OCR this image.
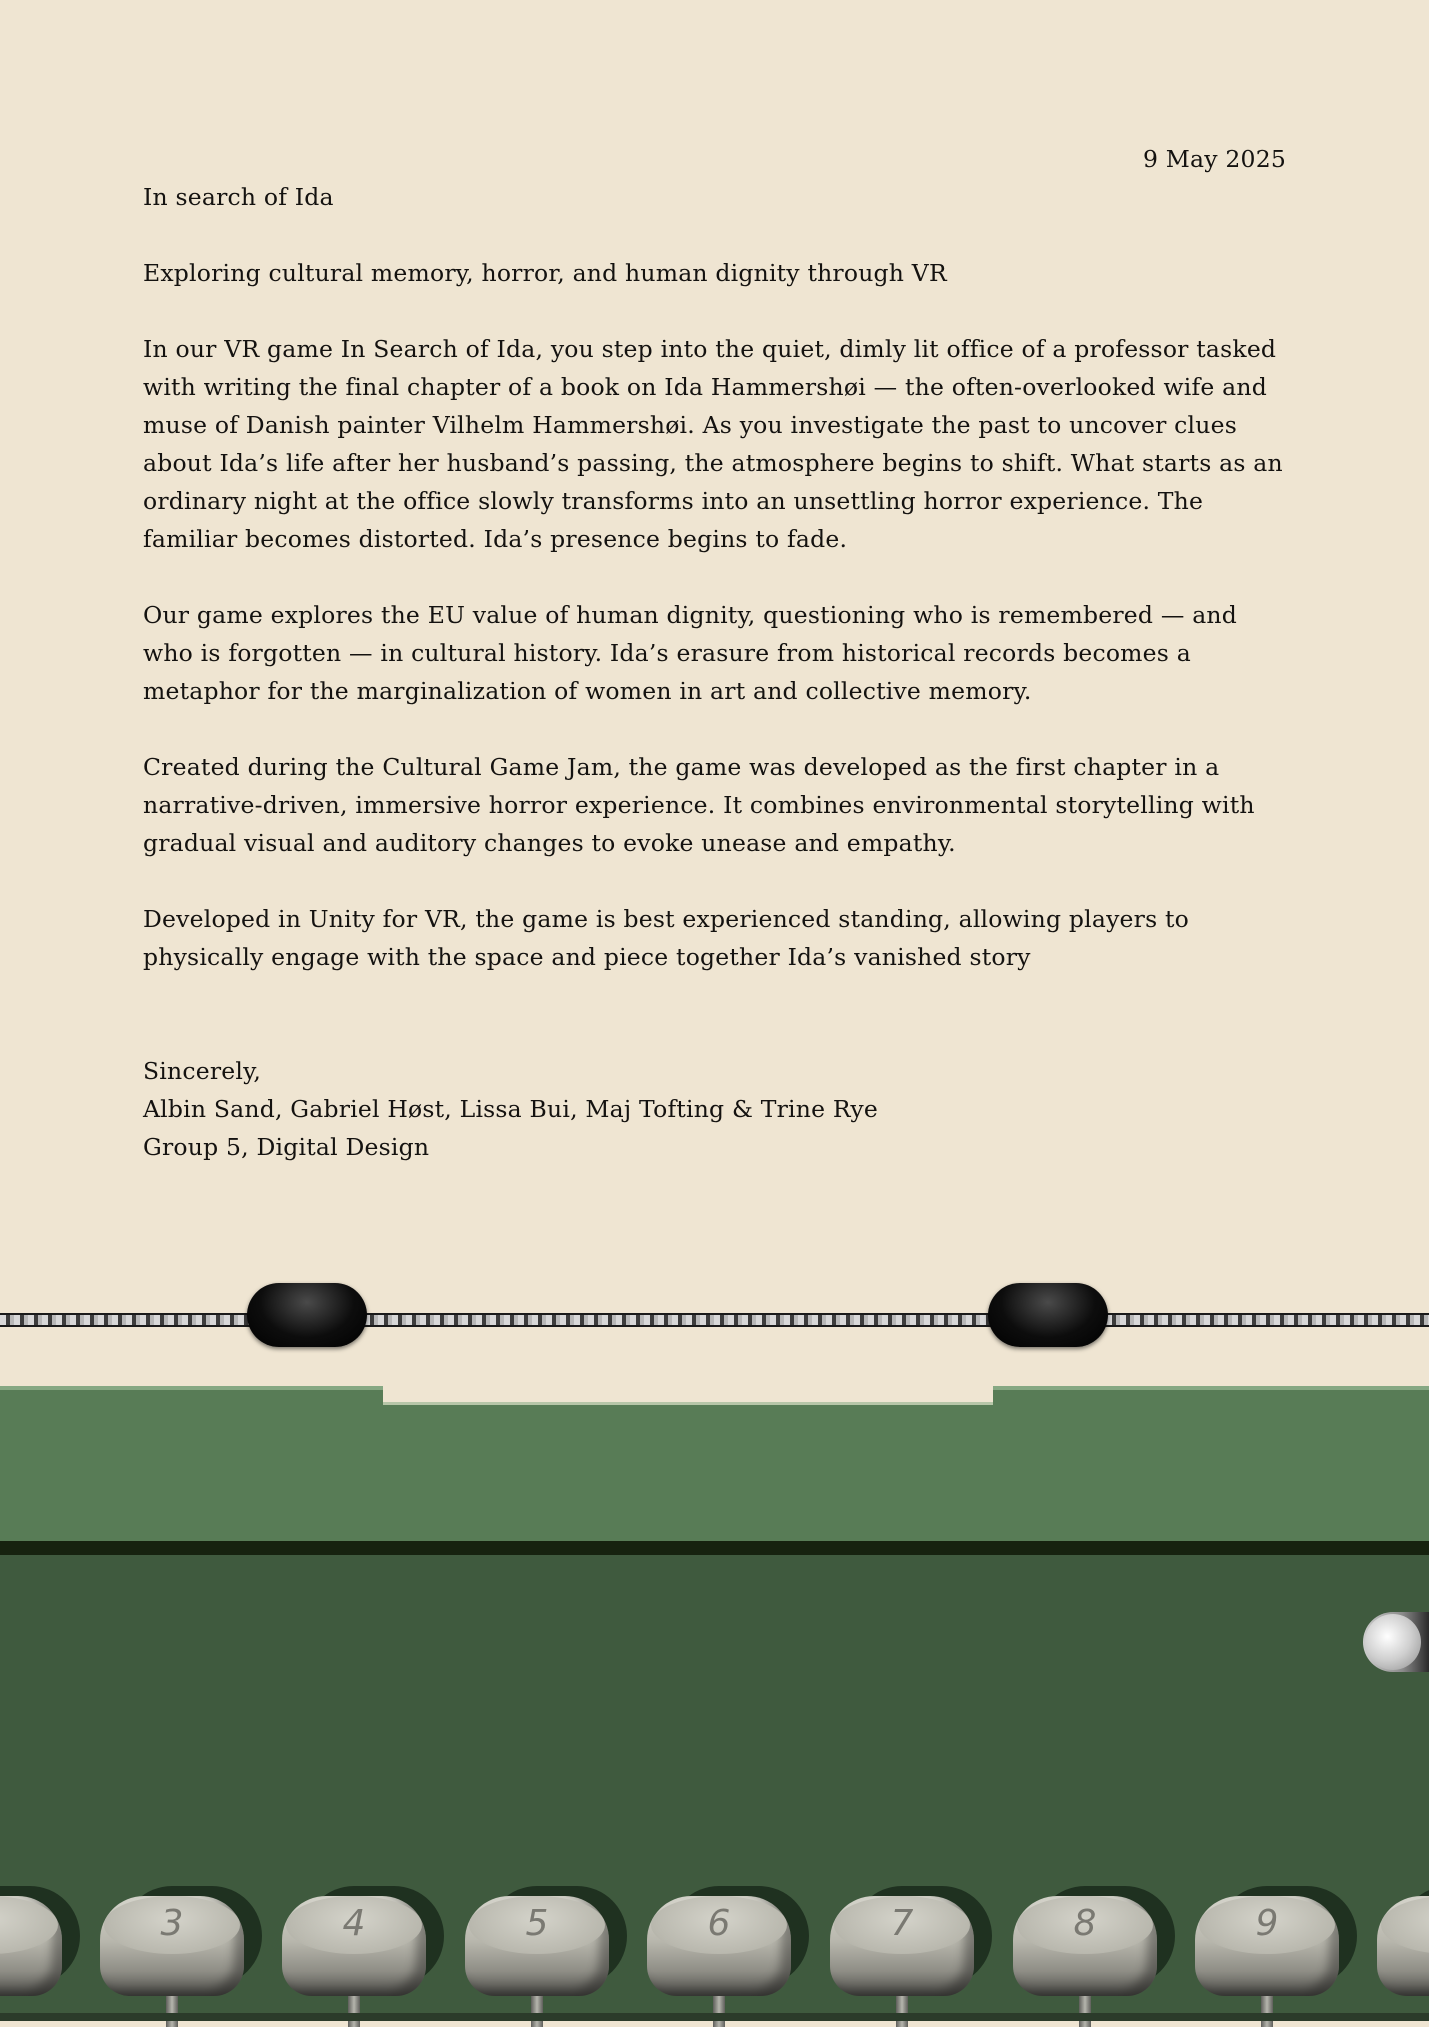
9 May 2025

In search of Ida

Exploring cultural memory, horror, and human dignity through VR

In our VR game In Search of Ida, you step into the quiet, dimly lit office of a professor tasked with writing the final chapter of a book on Ida Hammershøi — the often-overlooked wife and muse of Danish painter Vilhelm Hammershøi. As you investigate the past to uncover clues about Ida’s life after her husband’s passing, the atmosphere begins to shift. What starts as an ordinary night at the office slowly transforms into an unsettling horror experience. The familiar becomes distorted. Ida’s presence begins to fade.

Our game explores the EU value of human dignity, questioning who is remembered — and who is forgotten — in cultural history. Ida’s erasure from historical records becomes a metaphor for the marginalization of women in art and collective memory.

Created during the Cultural Game Jam, the game was developed as the first chapter in a narrative-driven, immersive horror experience. It combines environmental storytelling with gradual visual and auditory changes to evoke unease and empathy.

Developed in Unity for VR, the game is best experienced standing, allowing players to physically engage with the space and piece together Ida’s vanished story

Sincerely,
Albin Sand, Gabriel Høst, Lissa Bui, Maj Tofting & Trine Rye
Group 5, Digital Design
3	4	5	6	7	8	9
